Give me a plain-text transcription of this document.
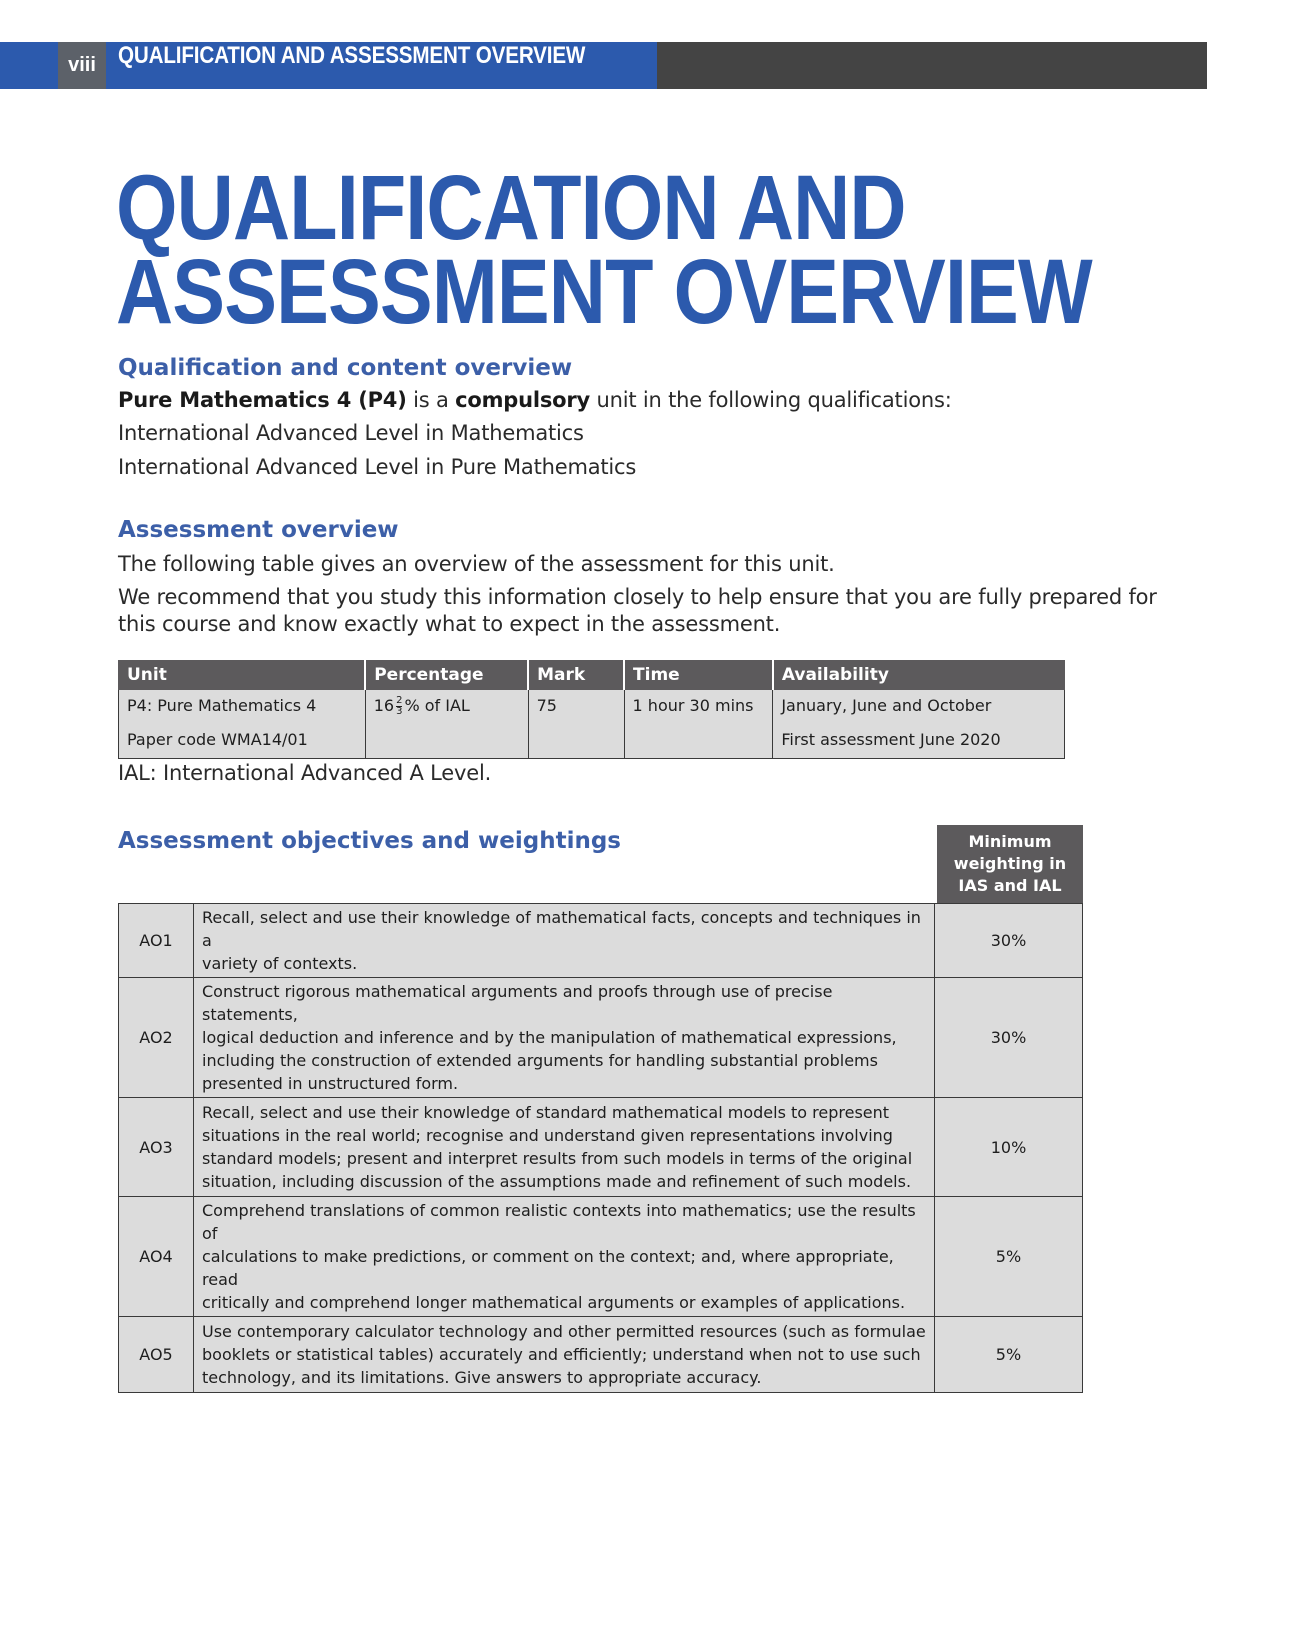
viii QUALIFICATION AND ASSESSMENT OVERVIEW
QUALIFICATION AND
ASSESSMENT OVERVIEW
Qualification and content overview

Pure Mathematics 4 (P4) is a compulsory unit in the following qualifications:

International Advanced Level in Mathematics

International Advanced Level in Pure Mathematics

Assessment overview

The following table gives an overview of the assessment for this unit.

We recommend that you study this information closely to help ensure that you are fully prepared for

this course and know exactly what to expect in the assessment.

Unit	Percentage	Mark	Time	Availability
P4: Pure Mathematics 4	$16 \frac{2}{3}$ % of IAL	75	1 hour 30 mins	January, June and October
Paper code WMA14/01				First assessment June 2020

IAL: International Advanced A Level.

Assessment objectives and weightings	Minimum
weighting in
IAS and IAL
AO1	Recall, select and use their knowledge of mathematical facts, concepts and techniques in a
variety of contexts.	30%
AO2	Construct rigorous mathematical arguments and proofs through use of precise statements,
logical deduction and inference and by the manipulation of mathematical expressions,
including the construction of extended arguments for handling substantial problems
presented in unstructured form.	30%
AO3	Recall, select and use their knowledge of standard mathematical models to represent
situations in the real world; recognise and understand given representations involving
standard models; present and interpret results from such models in terms of the original
situation, including discussion of the assumptions made and refinement of such models.	10%
AO4	Comprehend translations of common realistic contexts into mathematics; use the results of
calculations to make predictions, or comment on the context; and, where appropriate, read
critically and comprehend longer mathematical arguments or examples of applications.	5%
AO5	Use contemporary calculator technology and other permitted resources (such as formulae
booklets or statistical tables) accurately and efficiently; understand when not to use such
technology, and its limitations. Give answers to appropriate accuracy.	5%
